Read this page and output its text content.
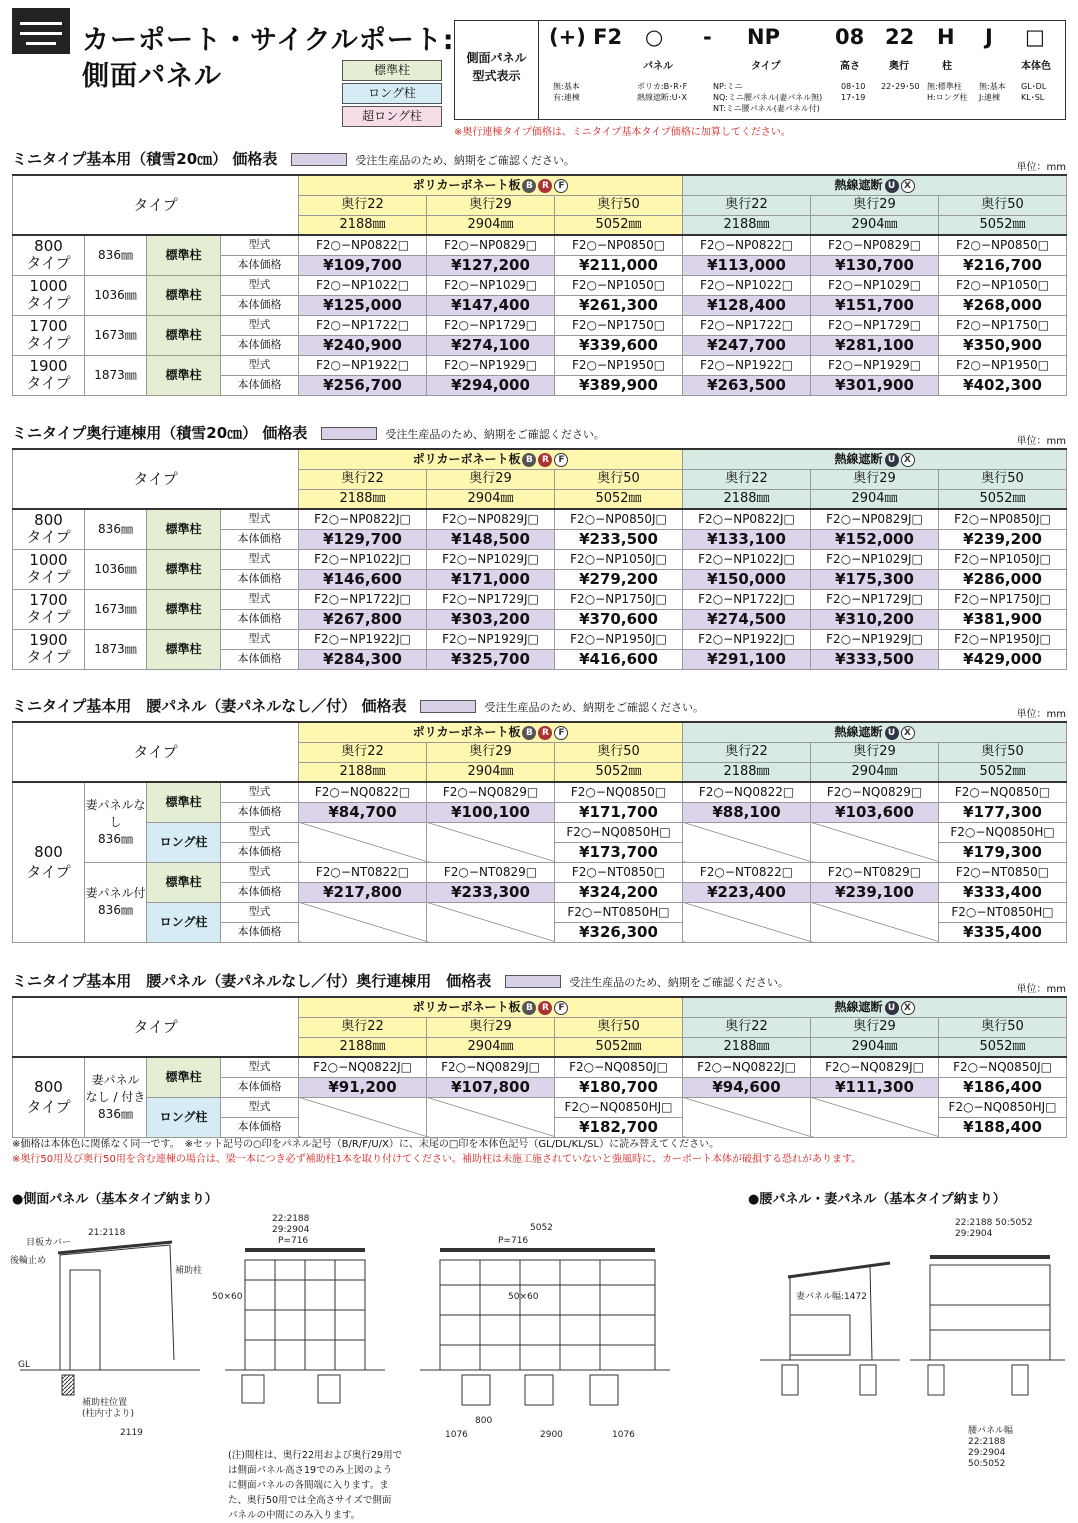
カーポート・サイクルポート:
側面パネル	標準柱
ロング柱
超ロング柱
側面パネル
型式表示
(+) F2 ○ - NP	08 22 H J □
パネル	タイプ	高さ	奥行	柱	本体色
無:基本
有:連棟
ポリカ:B･R･F
熱線遮断:U･X
NP:ミニ
NQ:ミニ腰パネル(妻パネル無)
NT:ミニ腰パネル(妻パネル付)
08･10
17･19
22･29･50 無:標準柱
H:ロング柱
無:基本
J:連棟
GL･DL
KL･SL
※奥行連棟タイプ価格は、ミニタイプ基本タイプ価格に加算してください。
ミニタイプ基本用（積雪20㎝） 価格表	受注生産品のため、納期をご確認ください。
単位：mm
タイプ				ポリカーボネート板 B R F			熱線遮断 U X		
				奥行22	奥行29	奥行50	奥行22	奥行29	奥行50
				2188㎜	2904㎜	5052㎜	2188㎜	2904㎜	5052㎜
800
タイプ	836㎜	標準柱	型式	F2○−NP0822□	F2○−NP0829□	F2○−NP0850□	F2○−NP0822□	F2○−NP0829□	F2○−NP0850□
			本体価格	¥109,700	¥127,200	¥211,000	¥113,000	¥130,700	¥216,700
1000
タイプ	1036㎜	標準柱	型式	F2○−NP1022□	F2○−NP1029□	F2○−NP1050□	F2○−NP1022□	F2○−NP1029□	F2○−NP1050□
			本体価格	¥125,000	¥147,400	¥261,300	¥128,400	¥151,700	¥268,000
1700
タイプ	1673㎜	標準柱	型式	F2○−NP1722□	F2○−NP1729□	F2○−NP1750□	F2○−NP1722□	F2○−NP1729□	F2○−NP1750□
			本体価格	¥240,900	¥274,100	¥339,600	¥247,700	¥281,100	¥350,900
1900
タイプ	1873㎜	標準柱	型式	F2○−NP1922□	F2○−NP1929□	F2○−NP1950□	F2○−NP1922□	F2○−NP1929□	F2○−NP1950□
			本体価格	¥256,700	¥294,000	¥389,900	¥263,500	¥301,900	¥402,300
ミニタイプ奥行連棟用（積雪20㎝） 価格表	受注生産品のため、納期をご確認ください。
単位：mm
タイプ				ポリカーボネート板 B R F			熱線遮断 U X		
				奥行22	奥行29	奥行50	奥行22	奥行29	奥行50
				2188㎜	2904㎜	5052㎜	2188㎜	2904㎜	5052㎜
800
タイプ	836㎜	標準柱	型式	F2○−NP0822J□	F2○−NP0829J□	F2○−NP0850J□	F2○−NP0822J□	F2○−NP0829J□	F2○−NP0850J□
			本体価格	¥129,700	¥148,500	¥233,500	¥133,100	¥152,000	¥239,200
1000
タイプ	1036㎜	標準柱	型式	F2○−NP1022J□	F2○−NP1029J□	F2○−NP1050J□	F2○−NP1022J□	F2○−NP1029J□	F2○−NP1050J□
			本体価格	¥146,600	¥171,000	¥279,200	¥150,000	¥175,300	¥286,000
1700
タイプ	1673㎜	標準柱	型式	F2○−NP1722J□	F2○−NP1729J□	F2○−NP1750J□	F2○−NP1722J□	F2○−NP1729J□	F2○−NP1750J□
			本体価格	¥267,800	¥303,200	¥370,600	¥274,500	¥310,200	¥381,900
1900
タイプ	1873㎜	標準柱	型式	F2○−NP1922J□	F2○−NP1929J□	F2○−NP1950J□	F2○−NP1922J□	F2○−NP1929J□	F2○−NP1950J□
			本体価格	¥284,300	¥325,700	¥416,600	¥291,100	¥333,500	¥429,000
ミニタイプ基本用　腰パネル（妻パネルなし／付） 価格表	受注生産品のため、納期をご確認ください。
単位：mm
タイプ				ポリカーボネート板 B R F			熱線遮断 U X		
				奥行22	奥行29	奥行50	奥行22	奥行29	奥行50
				2188㎜	2904㎜	5052㎜	2188㎜	2904㎜	5052㎜
800
タイプ	妻パネルなし
836㎜	標準柱	型式	F2○−NQ0822□	F2○−NQ0829□	F2○−NQ0850□	F2○−NQ0822□	F2○−NQ0829□	F2○−NQ0850□
			本体価格	¥84,700	¥100,100	¥171,700	¥88,100	¥103,600	¥177,300
		ロング柱	型式			F2○−NQ0850H□			F2○−NQ0850H□
			本体価格			¥173,700			¥179,300
	妻パネル付
836㎜	標準柱	型式	F2○−NT0822□	F2○−NT0829□	F2○−NT0850□	F2○−NT0822□	F2○−NT0829□	F2○−NT0850□
			本体価格	¥217,800	¥233,300	¥324,200	¥223,400	¥239,100	¥333,400
		ロング柱	型式			F2○−NT0850H□			F2○−NT0850H□
			本体価格			¥326,300			¥335,400
ミニタイプ基本用　腰パネル（妻パネルなし／付）奥行連棟用　価格表	受注生産品のため、納期をご確認ください。
単位：mm
タイプ				ポリカーボネート板 B R F			熱線遮断 U X		
				奥行22	奥行29	奥行50	奥行22	奥行29	奥行50
				2188㎜	2904㎜	5052㎜	2188㎜	2904㎜	5052㎜
800
タイプ	妻パネル
なし / 付き
836㎜	標準柱	型式	F2○−NQ0822J□	F2○−NQ0829J□	F2○−NQ0850J□	F2○−NQ0822J□	F2○−NQ0829J□	F2○−NQ0850J□
			本体価格	¥91,200	¥107,800	¥180,700	¥94,600	¥111,300	¥186,400
		ロング柱	型式			F2○−NQ0850HJ□			F2○−NQ0850HJ□
			本体価格			¥182,700			¥188,400
※価格は本体色に関係なく同一です。　※セット記号の○印をパネル記号（B/R/F/U/X）に、末尾の□印を本体色記号（GL/DL/KL/SL）に読み替えてください。
※奥行50用及び奥行50用を含む連棟の場合は、梁一本につき必ず補助柱1本を取り付けてください。補助柱は未施工施されていないと強風時に、カーポート本体が破損する恐れがあります。
●側面パネル（基本タイプ納まり）	●腰パネル・妻パネル（基本タイプ納まり）
21:2118
22:2188 29:2904	5052
P=716	P=716
50×60	50×60
補助柱
補助柱位置(柱内寸より)
妻パネル幅:1472
22:2188 50:5052 29:2904
1076	2900	1076
800
2119
GL
目板カバー
後輪止め
腰パネル幅 22:2188 29:2904 50:5052
(注)間柱は、奥行22用および奥行29用で
は側面パネル高さ19でのみ上図のよう
に側面パネルの各間端に入ります。ま
た、奥行50用では全高さサイズで側面
パネルの中間にのみ入ります。
